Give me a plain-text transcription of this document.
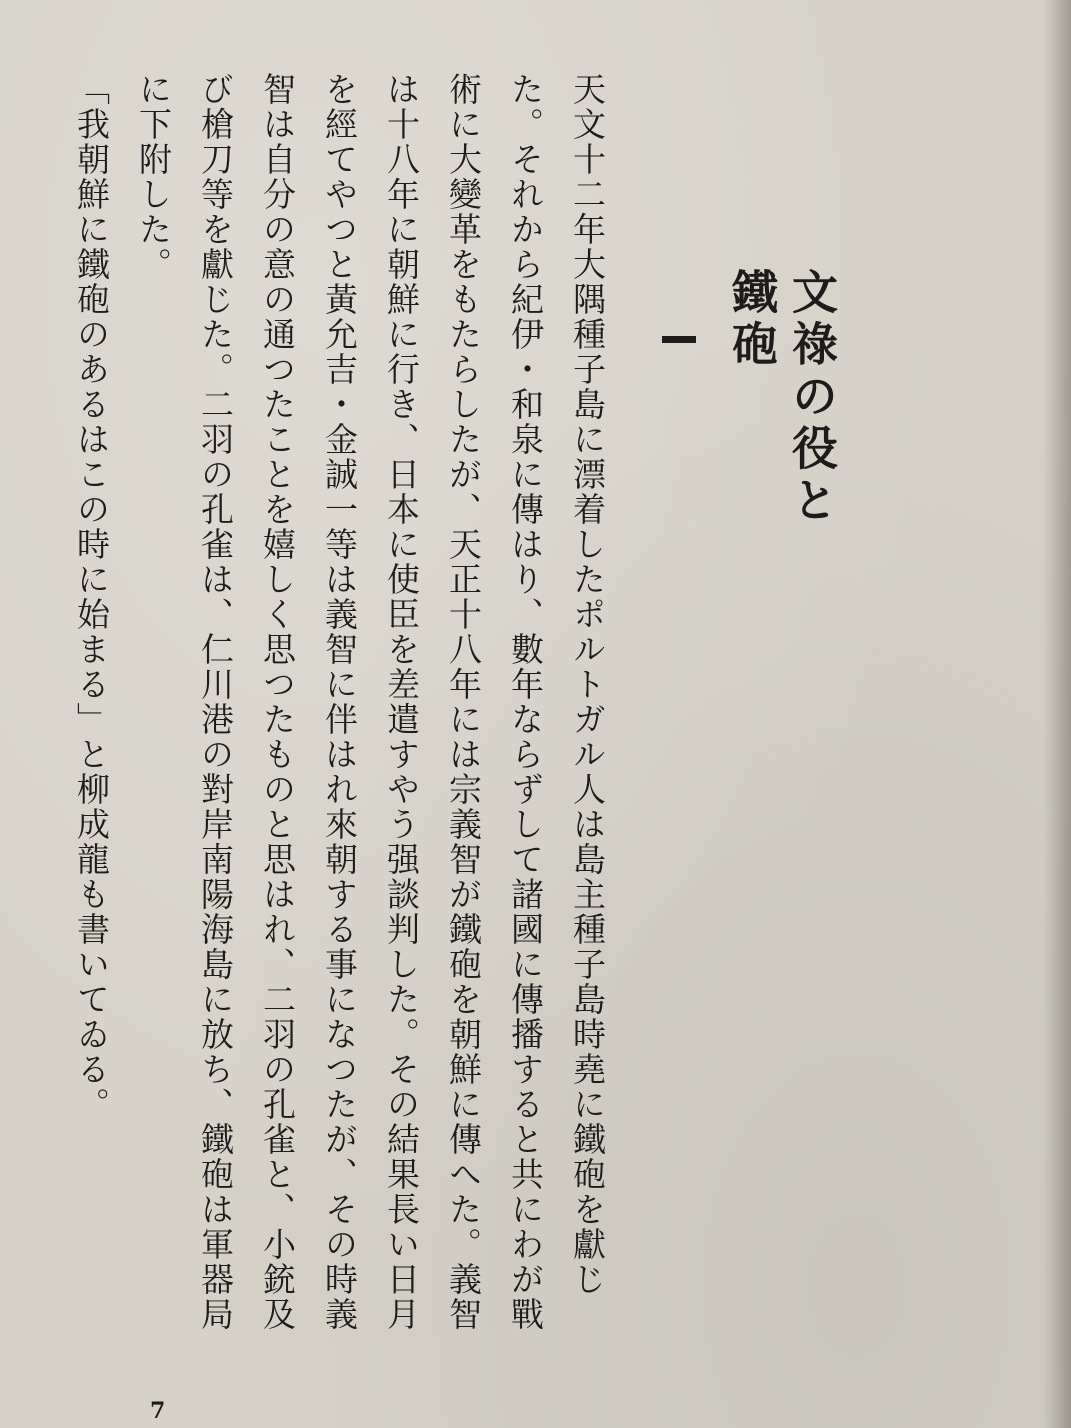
文祿の役と鐵砲

天文十二年大隅種子島に漂着したポルトガル人は島主種子島時堯に鐵砲を獻じた。それから紀伊・和泉に傳はり、數年ならずして諸國に傳播すると共にわが戰術に大變革をもたらしたが、天正十八年には宗義智が鐵砲を朝鮮に傳へた。義智は十八年に朝鮮に行き、日本に使臣を差遣すやう强談判した。その結果長い日月を經てやつと黃允吉・金誠一等は義智に伴はれ來朝する事になつたが、その時義智は自分の意の通つたことを嬉しく思つたものと思はれ、二羽の孔雀と、小銃及び槍刀等を獻じた。二羽の孔雀は、仁川港の對岸南陽海島に放ち、鐵砲は軍器局に下附した。

「我朝鮮に鐵砲のあるはこの時に始まる」と柳成龍も書いてゐる。

7
